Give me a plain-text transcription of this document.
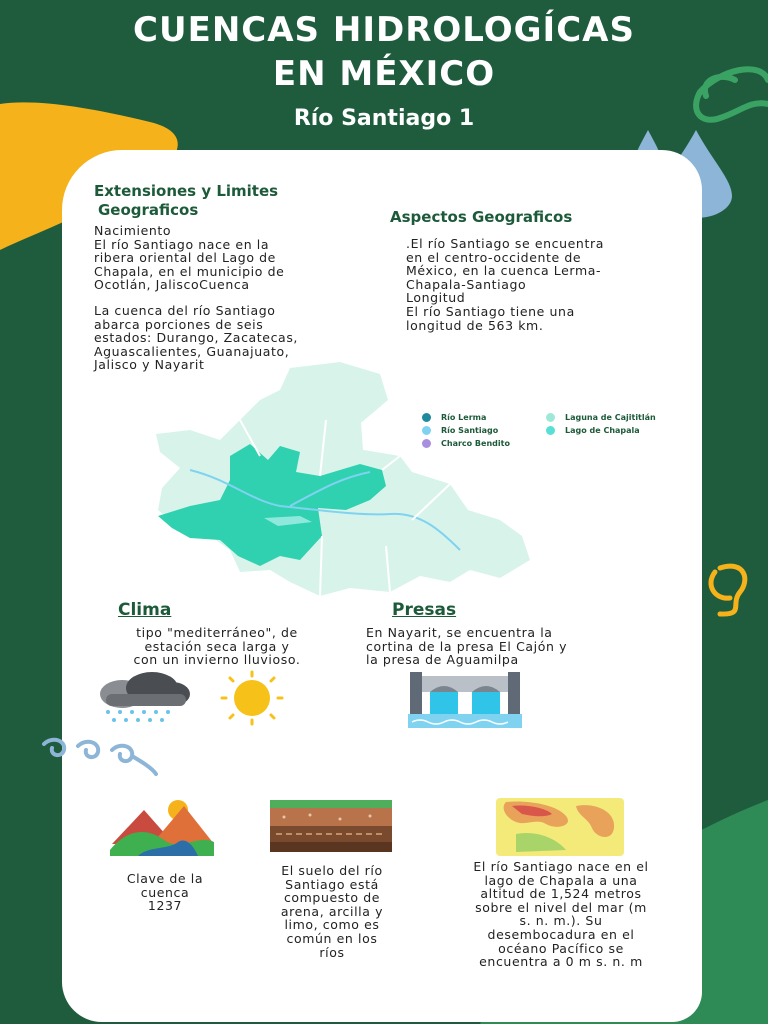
CUENCAS HIDROLOGÍCAS
EN MÉXICO
Río Santiago 1
Extensiones y Limites
Geograficos
Nacimiento
El río Santiago nace en la
ribera oriental del Lago de
Chapala, en el municipio de
Ocotlán, JaliscoCuenca
La cuenca del río Santiago
abarca porciones de seis
estados: Durango, Zacatecas,
Aguascalientes, Guanajuato,
Jalisco y Nayarit
Aspectos Geograficos
.El río Santiago se encuentra
en el centro-occidente de
México, en la cuenca Lerma-
Chapala-Santiago
Longitud
El río Santiago tiene una
longitud de 563 km.
Río Lerma	Laguna de Cajititlán
Río Santiago	Lago de Chapala
Charco Bendito
Clima
tipo "mediterráneo", de
estación seca larga y
con un invierno lluvioso.
Presas
En Nayarit, se encuentra la
cortina de la presa El Cajón y
la presa de Aguamilpa
Clave de la
cuenca
1237
El suelo del río
Santiago está
compuesto de
arena, arcilla y
limo, como es
común en los
ríos
El río Santiago nace en el
lago de Chapala a una
altitud de 1,524 metros
sobre el nivel del mar (m
s. n. m.). Su
desembocadura en el
océano Pacífico se
encuentra a 0 m s. n. m
